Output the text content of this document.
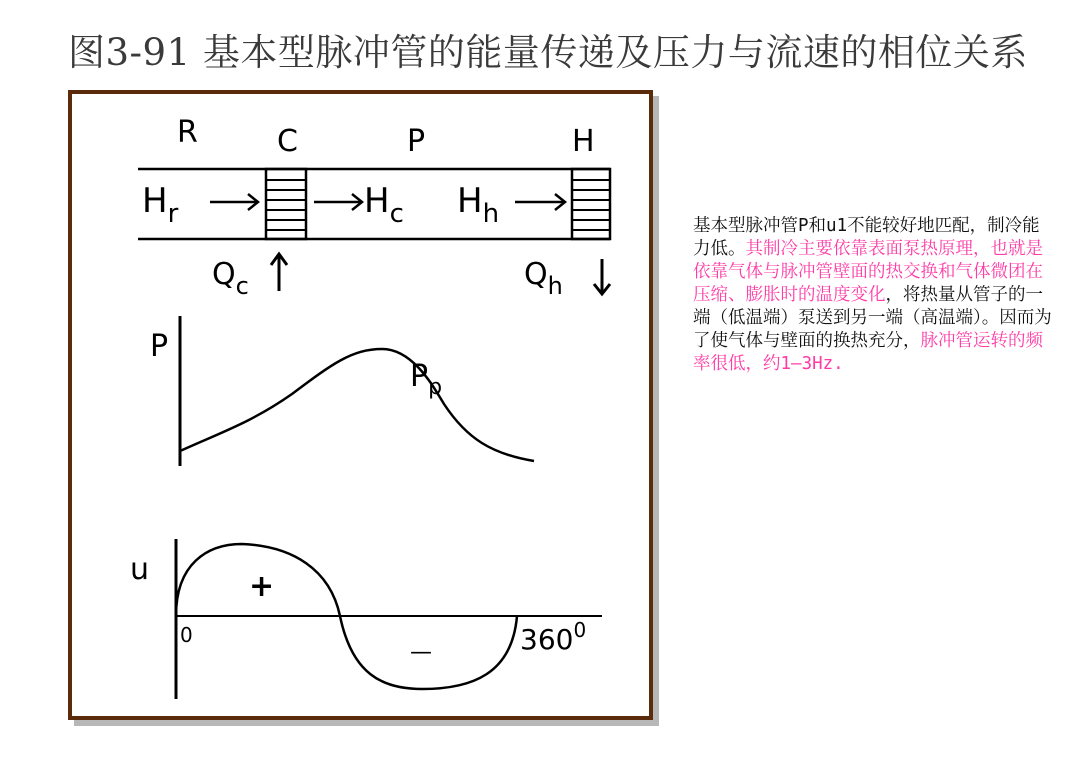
图3-91 基本型脉冲管的能量传递及压力与流速的相位关系
R	C	P	H
$H_r$	$H_c$ $H_h$
$Q_c$	$Q_h$
P
$P_p$
u	+
—
0	$360^0$
基本型脉冲管P和u1不能较好地匹配，制冷能力低。其制冷主要依靠表面泵热原理，也就是依靠气体与脉冲管壁面的热交换和气体微团在压缩、膨胀时的温度变化，将热量从管子的一端（低温端）泵送到另一端（高温端）。因而为了使气体与壁面的换热充分，脉冲管运转的频率很低，约1—3Hz.
